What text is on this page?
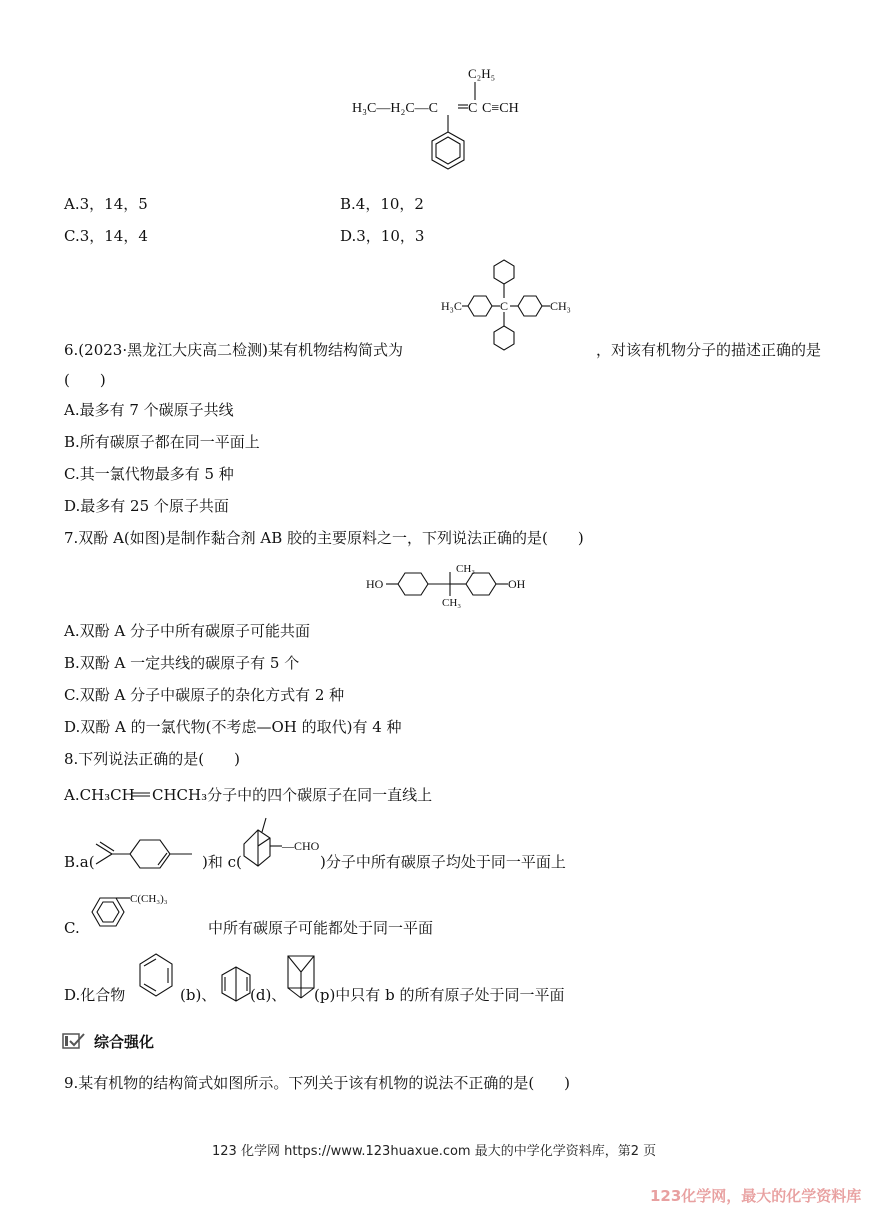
C₂H₅
H₃C—H₂C—C C C≡CH
A.3，14，5	B.4，10，2
C.3，14，4	D.3，10，3
H₃C	C	CH₃
6.(2023·黑龙江大庆高二检测)某有机物结构简式为	，对该有机物分子的描述正确的是
(　　)
A.最多有 7 个碳原子共线
B.所有碳原子都在同一平面上
C.其一氯代物最多有 5 种
D.最多有 25 个原子共面
7.双酚 A(如图)是制作黏合剂 AB 胶的主要原料之一，下列说法正确的是(　　)
HO
CH₃
CH₃
OH
A.双酚 A 分子中所有碳原子可能共面
B.双酚 A 一定共线的碳原子有 5 个
C.双酚 A 分子中碳原子的杂化方式有 2 种
D.双酚 A 的一氯代物(不考虑—OH 的取代)有 4 种
8.下列说法正确的是(　　)
A.CH₃CH CHCH₃分子中的四个碳原子在同一直线上
B.a(	)和 c(
—CHO
)分子中所有碳原子均处于同一平面上
C.
C(CH₃)₃
中所有碳原子可能都处于同一平面
D.化合物	(b)、 (d)、 (p)中只有 b 的所有原子处于同一平面
综合强化
9.某有机物的结构简式如图所示。下列关于该有机物的说法不正确的是(　　)
123 化学网 https://www.123huaxue.com 最大的中学化学资料库，第2 页
123化学网，最大的化学资料库
